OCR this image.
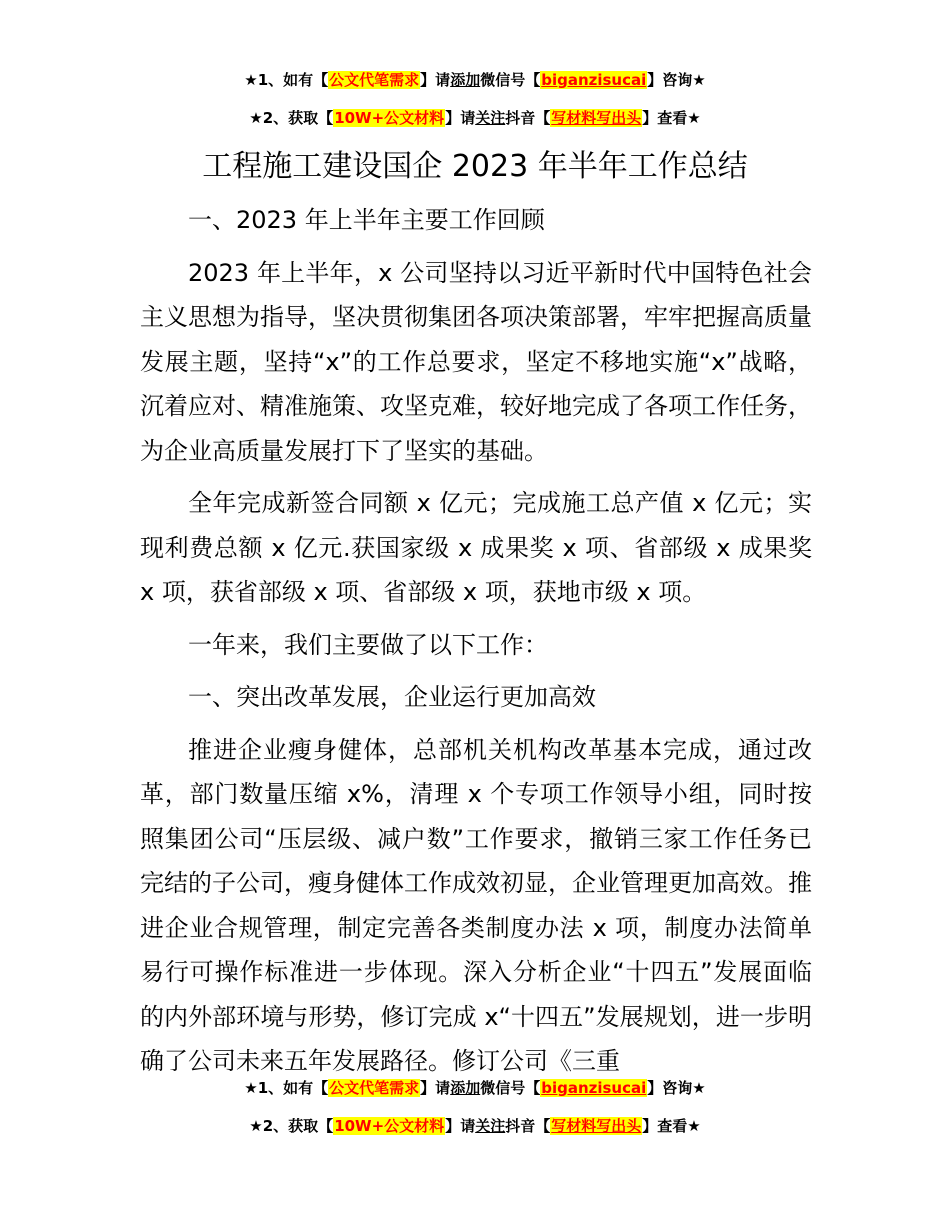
★1、如有【公文代笔需求】请添加微信号【biganzisucai】咨询★
★2、获取【10W+公文材料】请关注抖音【写材料写出头】查看★
工程施工建设国企 2023 年半年工作总结

一、2023 年上半年主要工作回顾

2023 年上半年，x 公司坚持以习近平新时代中国特色社会主义思想为指导，坚决贯彻集团各项决策部署，牢牢把握高质量发展主题，坚持“x”的工作总要求，坚定不移地实施“x”战略，沉着应对、精准施策、攻坚克难，较好地完成了各项工作任务，为企业高质量发展打下了坚实的基础。

全年完成新签合同额 x 亿元；完成施工总产值 x 亿元；实现利费总额 x 亿元.获国家级 x 成果奖 x 项、省部级 x 成果奖 x 项，获省部级 x 项、省部级 x 项，获地市级 x 项。

一年来，我们主要做了以下工作：

一、突出改革发展，企业运行更加高效

推进企业瘦身健体，总部机关机构改革基本完成，通过改革，部门数量压缩 x%，清理 x 个专项工作领导小组，同时按照集团公司“压层级、减户数”工作要求，撤销三家工作任务已完结的子公司，瘦身健体工作成效初显，企业管理更加高效。推进企业合规管理，制定完善各类制度办法 x 项，制度办法简单易行可操作标准进一步体现。深入分析企业“十四五”发展面临的内外部环境与形势，修订完成 x“十四五”发展规划，进一步明确了公司未来五年发展路径。修订公司《三重

★1、如有【公文代笔需求】请添加微信号【biganzisucai】咨询★
★2、获取【10W+公文材料】请关注抖音【写材料写出头】查看★
